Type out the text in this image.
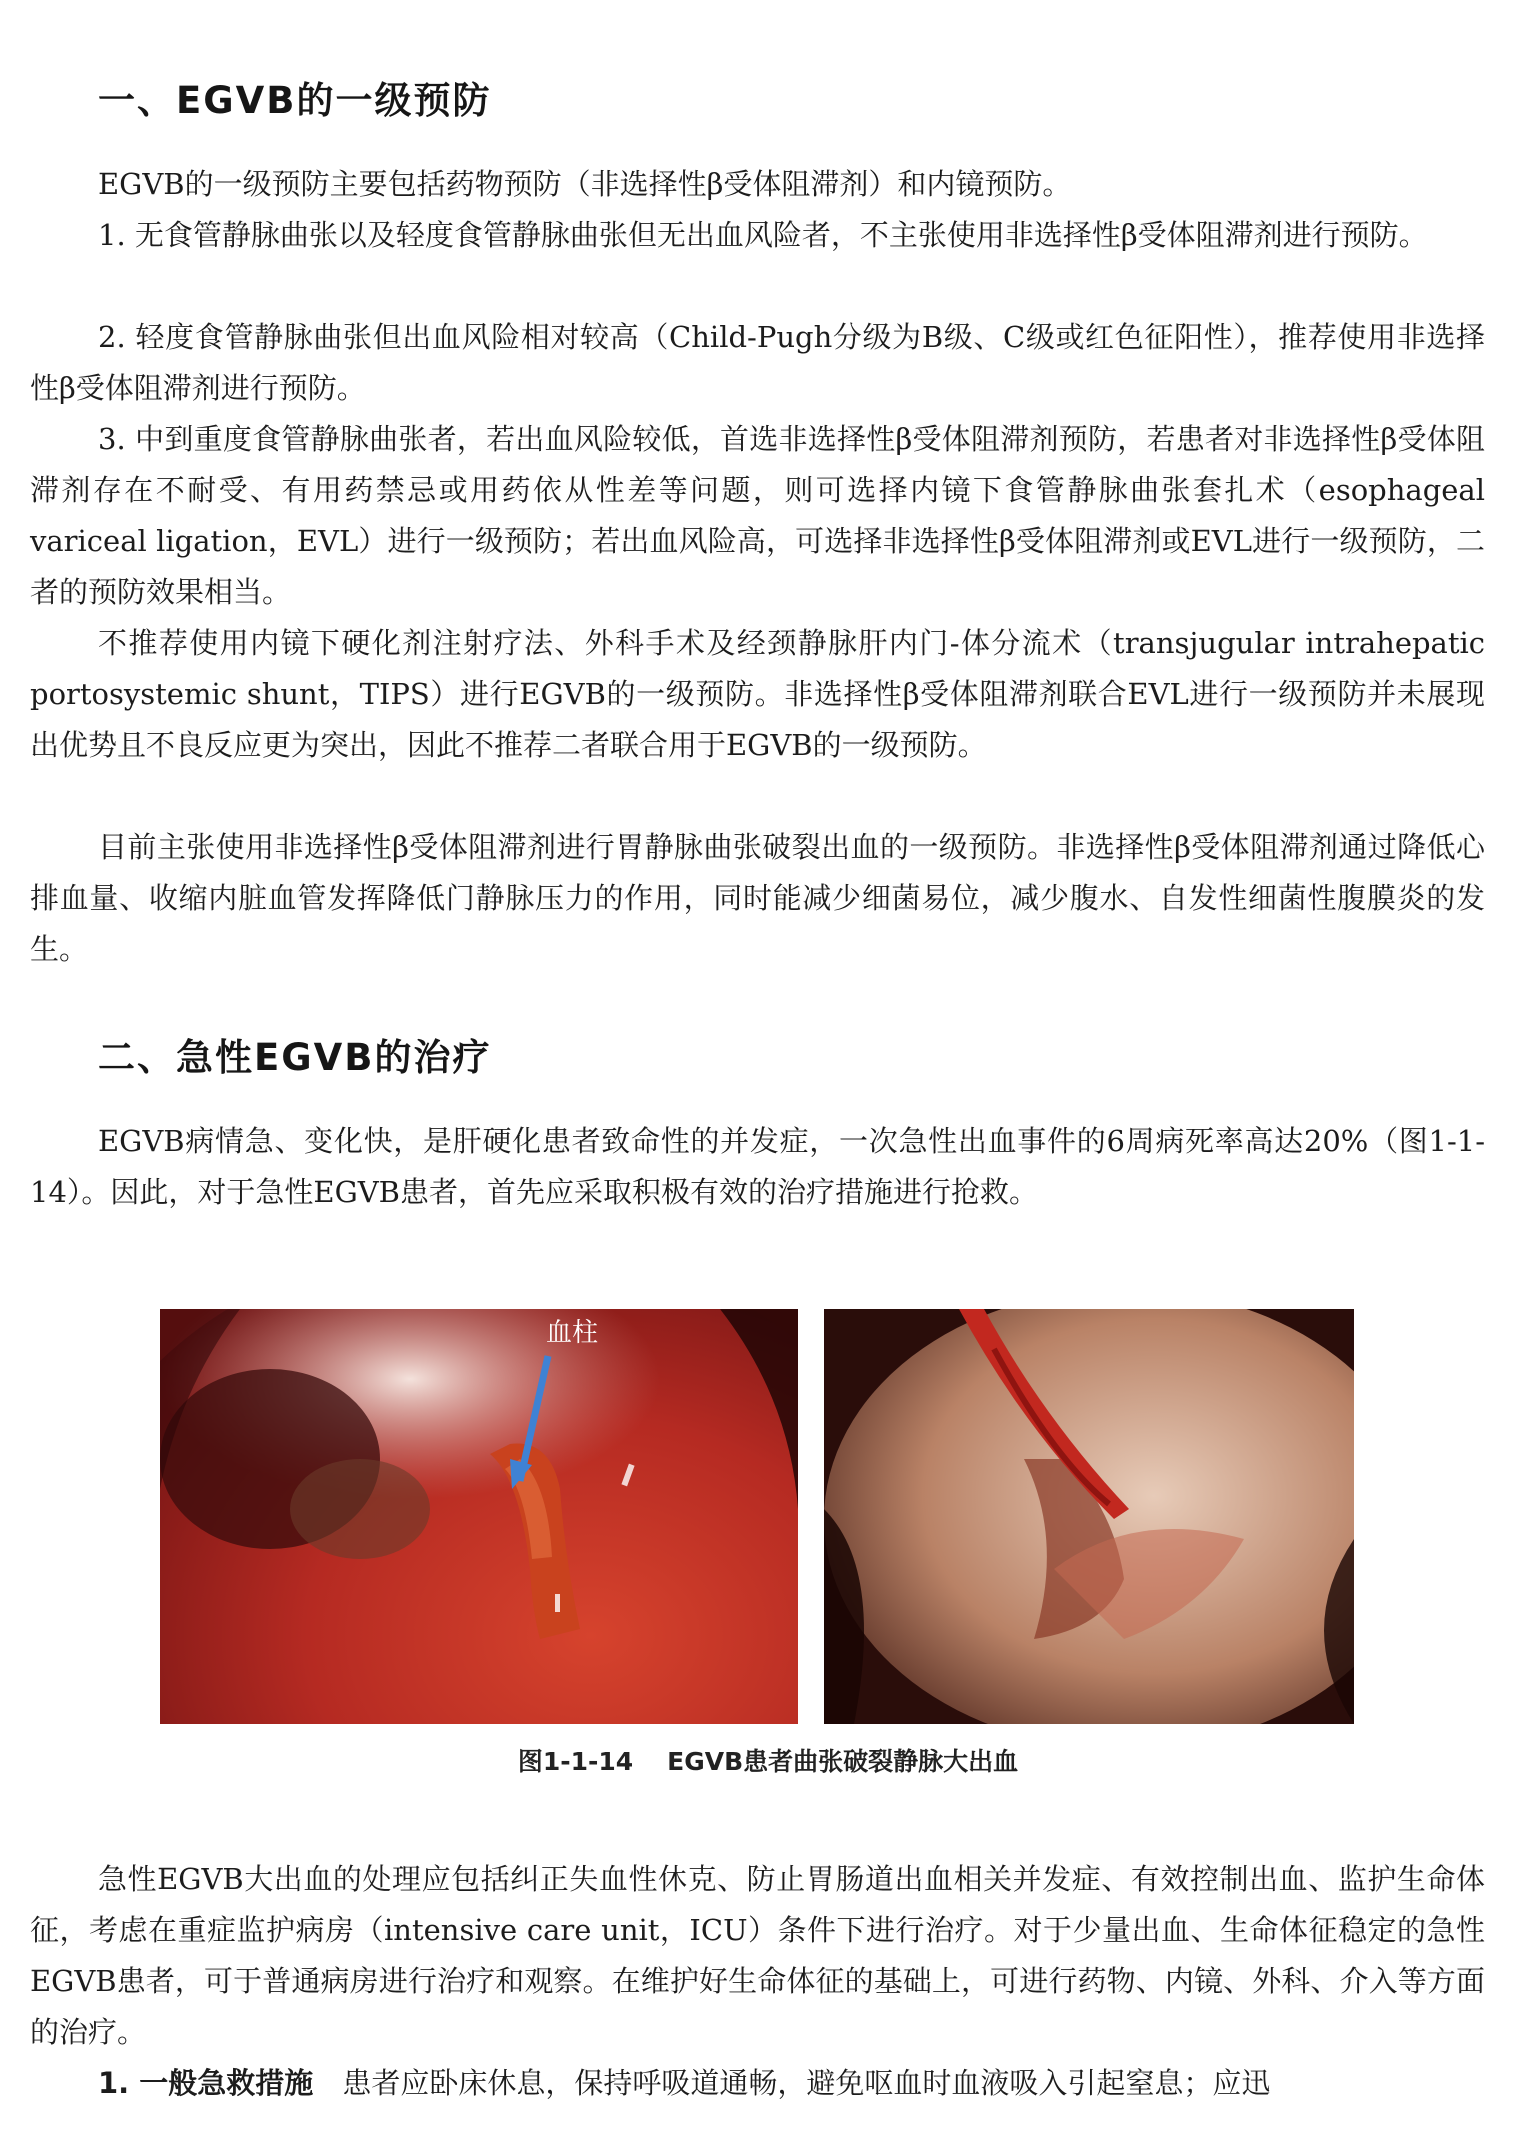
一、EGVB的一级预防

EGVB的一级预防主要包括药物预防（非选择性β受体阻滞剂）和内镜预防。

1. 无食管静脉曲张以及轻度食管静脉曲张但无出血风险者，不主张使用非选择性β受体阻滞剂进行预防。

2. 轻度食管静脉曲张但出血风险相对较高（Child-Pugh分级为B级、C级或红色征阳性），推荐使用非选择性β受体阻滞剂进行预防。

3. 中到重度食管静脉曲张者，若出血风险较低，首选非选择性β受体阻滞剂预防，若患者对非选择性β受体阻滞剂存在不耐受、有用药禁忌或用药依从性差等问题，则可选择内镜下食管静脉曲张套扎术（esophageal variceal ligation，EVL）进行一级预防；若出血风险高，可选择非选择性β受体阻滞剂或EVL进行一级预防，二者的预防效果相当。

不推荐使用内镜下硬化剂注射疗法、外科手术及经颈静脉肝内门-体分流术（transjugular intrahepatic portosystemic shunt，TIPS）进行EGVB的一级预防。非选择性β受体阻滞剂联合EVL进行一级预防并未展现出优势且不良反应更为突出，因此不推荐二者联合用于EGVB的一级预防。

目前主张使用非选择性β受体阻滞剂进行胃静脉曲张破裂出血的一级预防。非选择性β受体阻滞剂通过降低心排血量、收缩内脏血管发挥降低门静脉压力的作用，同时能减少细菌易位，减少腹水、自发性细菌性腹膜炎的发生。

二、急性EGVB的治疗

EGVB病情急、变化快，是肝硬化患者致命性的并发症，一次急性出血事件的6周病死率高达20%（图1-1-14）。因此，对于急性EGVB患者，首先应采取积极有效的治疗措施进行抢救。

血柱
图1-1-14 EGVB患者曲张破裂静脉大出血

急性EGVB大出血的处理应包括纠正失血性休克、防止胃肠道出血相关并发症、有效控制出血、监护生命体征，考虑在重症监护病房（intensive care unit，ICU）条件下进行治疗。对于少量出血、生命体征稳定的急性EGVB患者，可于普通病房进行治疗和观察。在维护好生命体征的基础上，可进行药物、内镜、外科、介入等方面的治疗。

1. 一般急救措施　 患者应卧床休息，保持呼吸道通畅，避免呕血时血液吸入引起窒息；应迅
